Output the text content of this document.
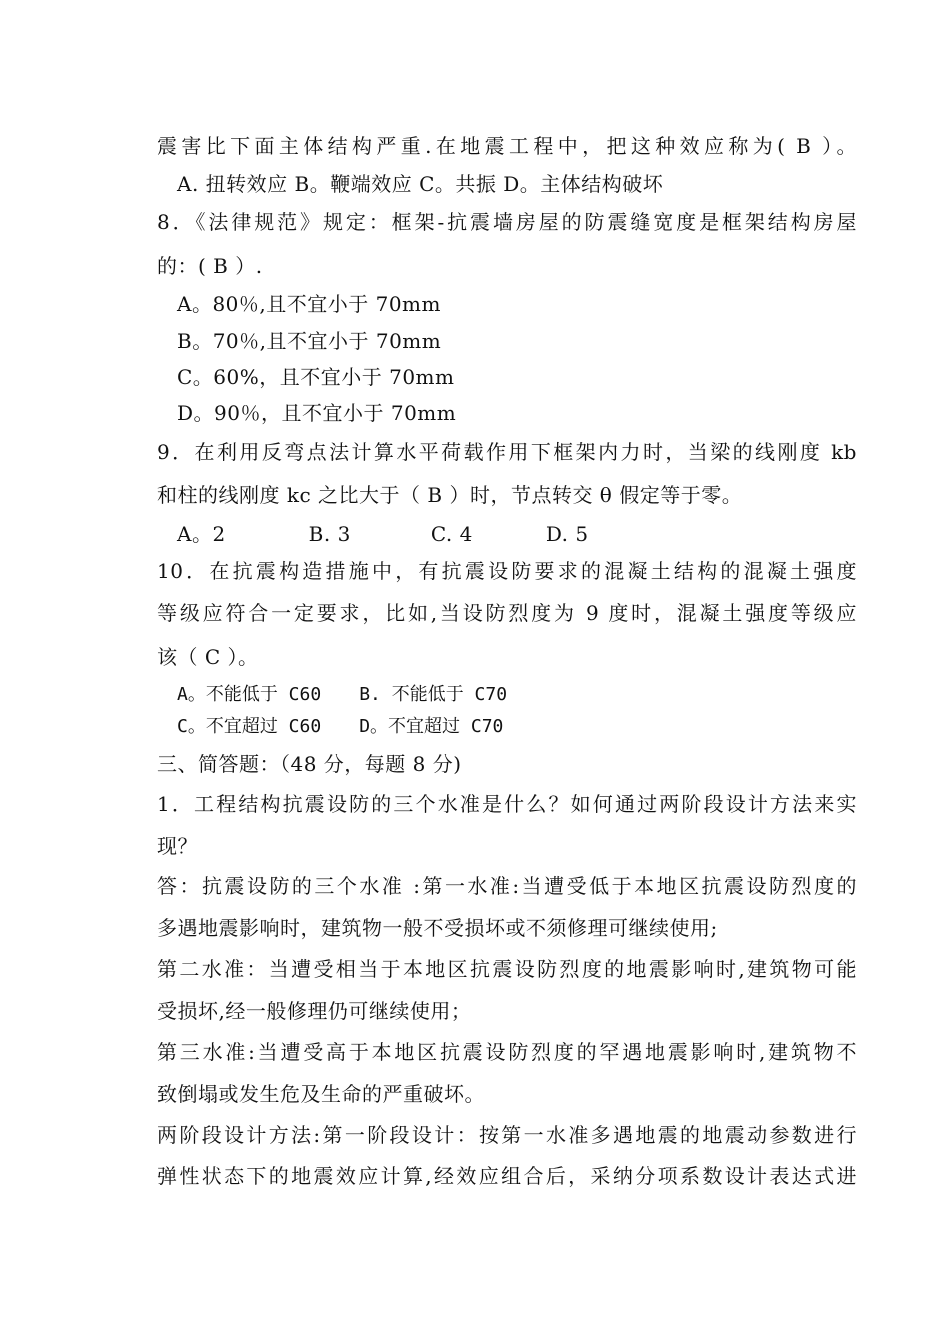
震害比下面主体结构严重.在地震工程中，把这种效应称为( B ）。
A. 扭转效应 B。鞭端效应 C。共振 D。主体结构破坏
8．《法律规范》规定：框架-抗震墙房屋的防震缝宽度是框架结构房屋
的：( B ）.
A。80％,且不宜小于 70mm
B。70％,且不宜小于 70mm
C。60%，且不宜小于 70mm
D。90％，且不宜小于 70mm
9．在利用反弯点法计算水平荷载作用下框架内力时，当梁的线刚度 kb
和柱的线刚度 kc 之比大于（ B ）时，节点转交 θ 假定等于零。
A。2	B. 3	C. 4	D. 5
10．在抗震构造措施中，有抗震设防要求的混凝土结构的混凝土强度
等级应符合一定要求，比如,当设防烈度为 9 度时，混凝土强度等级应
该（ C ）。
A。不能低于 C60 B. 不能低于 C70
C。不宜超过 C60 D。不宜超过 C70
三、简答题：（48 分，每题 8 分)
1．工程结构抗震设防的三个水准是什么？如何通过两阶段设计方法来实
现？
答：抗震设防的三个水准 :第一水准:当遭受低于本地区抗震设防烈度的
多遇地震影响时，建筑物一般不受损坏或不须修理可继续使用;
第二水准：当遭受相当于本地区抗震设防烈度的地震影响时,建筑物可能
受损坏,经一般修理仍可继续使用；
第三水准:当遭受高于本地区抗震设防烈度的罕遇地震影响时,建筑物不
致倒塌或发生危及生命的严重破坏。
两阶段设计方法:第一阶段设计：按第一水准多遇地震的地震动参数进行
弹性状态下的地震效应计算,经效应组合后，采纳分项系数设计表达式进
